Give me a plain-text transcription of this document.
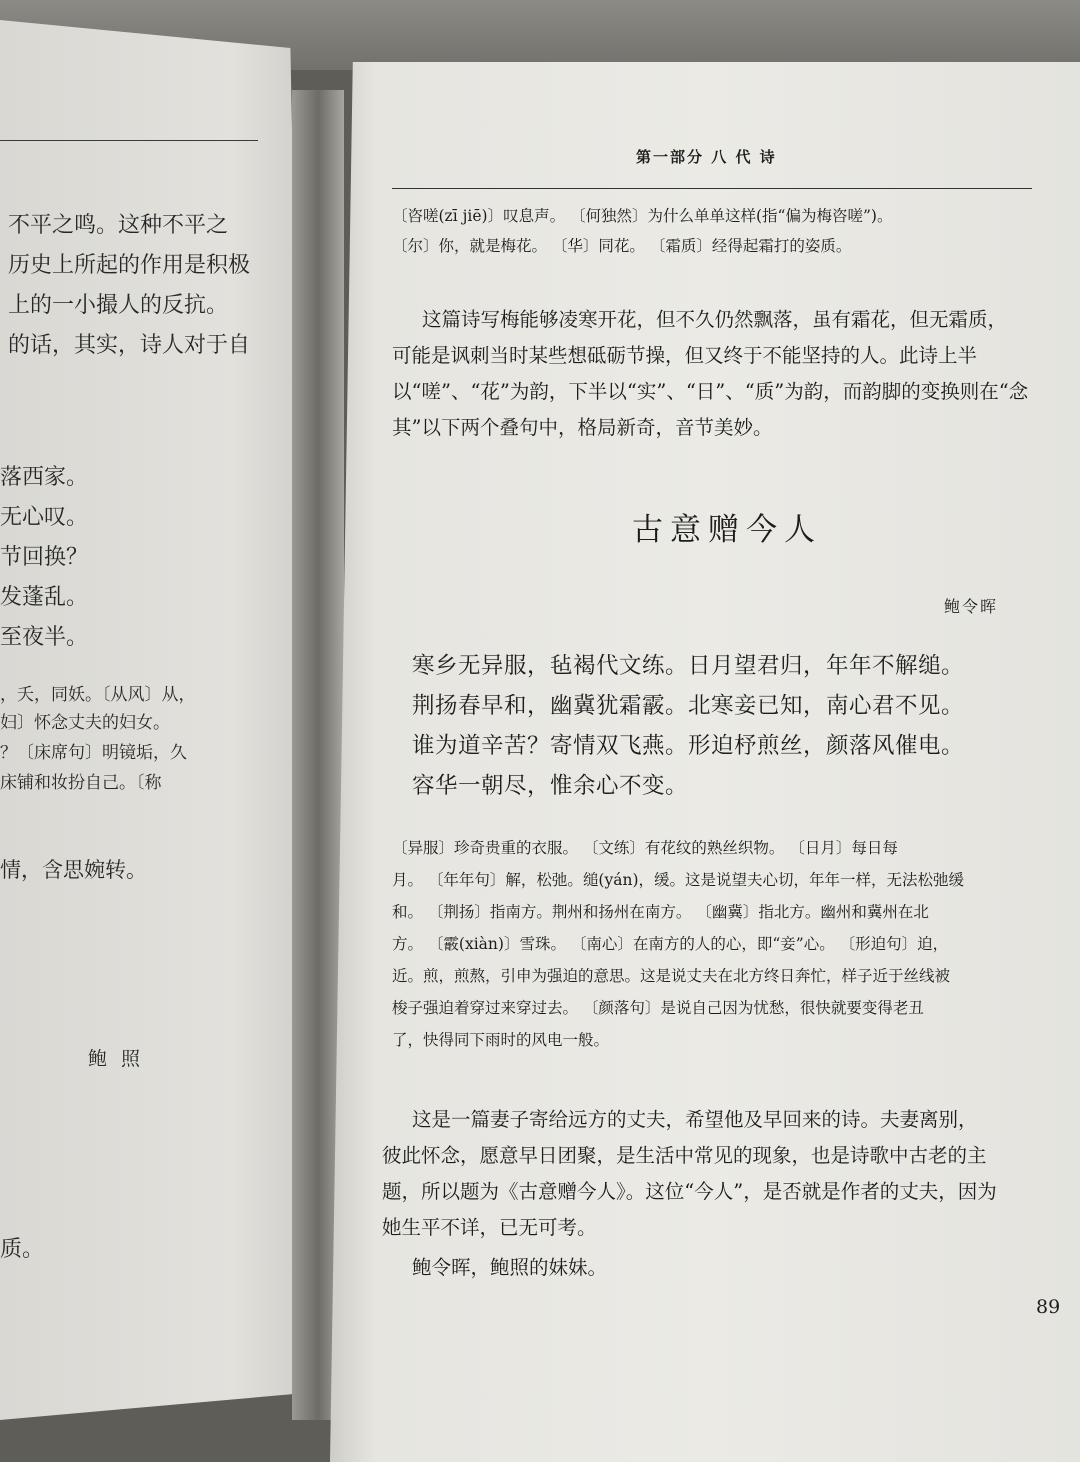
不平之鸣。这种不平之
历史上所起的作用是积极
上的一小撮人的反抗。
的话，其实，诗人对于自
落西家。
无心叹。
节回换？
发蓬乱。
至夜半。
，夭，同妖。〔从风〕从，
妇〕怀念丈夫的妇女。
？〔床席句〕明镜垢，久
床铺和妆扮自己。〔称
情，含思婉转。
鲍 照
质。
第一部分 八 代 诗
〔咨嗟(zī jiē)〕叹息声。 〔何独然〕为什么单单这样(指“偏为梅咨嗟”)。
〔尔〕你，就是梅花。 〔华〕同花。 〔霜质〕经得起霜打的姿质。
这篇诗写梅能够凌寒开花，但不久仍然飘落，虽有霜花，但无霜质，
可能是讽刺当时某些想砥砺节操，但又终于不能坚持的人。此诗上半
以“嗟”、“花”为韵，下半以“实”、“日”、“质”为韵，而韵脚的变换则在“念
其”以下两个叠句中，格局新奇，音节美妙。
古意赠今人
鲍令晖
寒乡无异服，毡褐代文练。日月望君归，年年不解缒。
荆扬春早和，幽冀犹霜霰。北寒妾已知，南心君不见。
谁为道辛苦？寄情双飞燕。形迫杼煎丝，颜落风催电。
容华一朝尽，惟余心不变。
〔异服〕珍奇贵重的衣服。 〔文练〕有花纹的熟丝织物。 〔日月〕每日每
月。 〔年年句〕解，松弛。缒(yán)，缓。这是说望夫心切，年年一样，无法松弛缓
和。 〔荆扬〕指南方。荆州和扬州在南方。 〔幽冀〕指北方。幽州和冀州在北
方。 〔霰(xiàn)〕雪珠。 〔南心〕在南方的人的心，即“妾”心。 〔形迫句〕迫，
近。煎，煎熬，引申为强迫的意思。这是说丈夫在北方终日奔忙，样子近于丝线被
梭子强迫着穿过来穿过去。 〔颜落句〕是说自己因为忧愁，很快就要变得老丑
了，快得同下雨时的风电一般。
这是一篇妻子寄给远方的丈夫，希望他及早回来的诗。夫妻离别，
彼此怀念，愿意早日团聚，是生活中常见的现象，也是诗歌中古老的主
题，所以题为《古意赠今人》。这位“今人”，是否就是作者的丈夫，因为
她生平不详，已无可考。
鲍令晖，鲍照的妹妹。
89
